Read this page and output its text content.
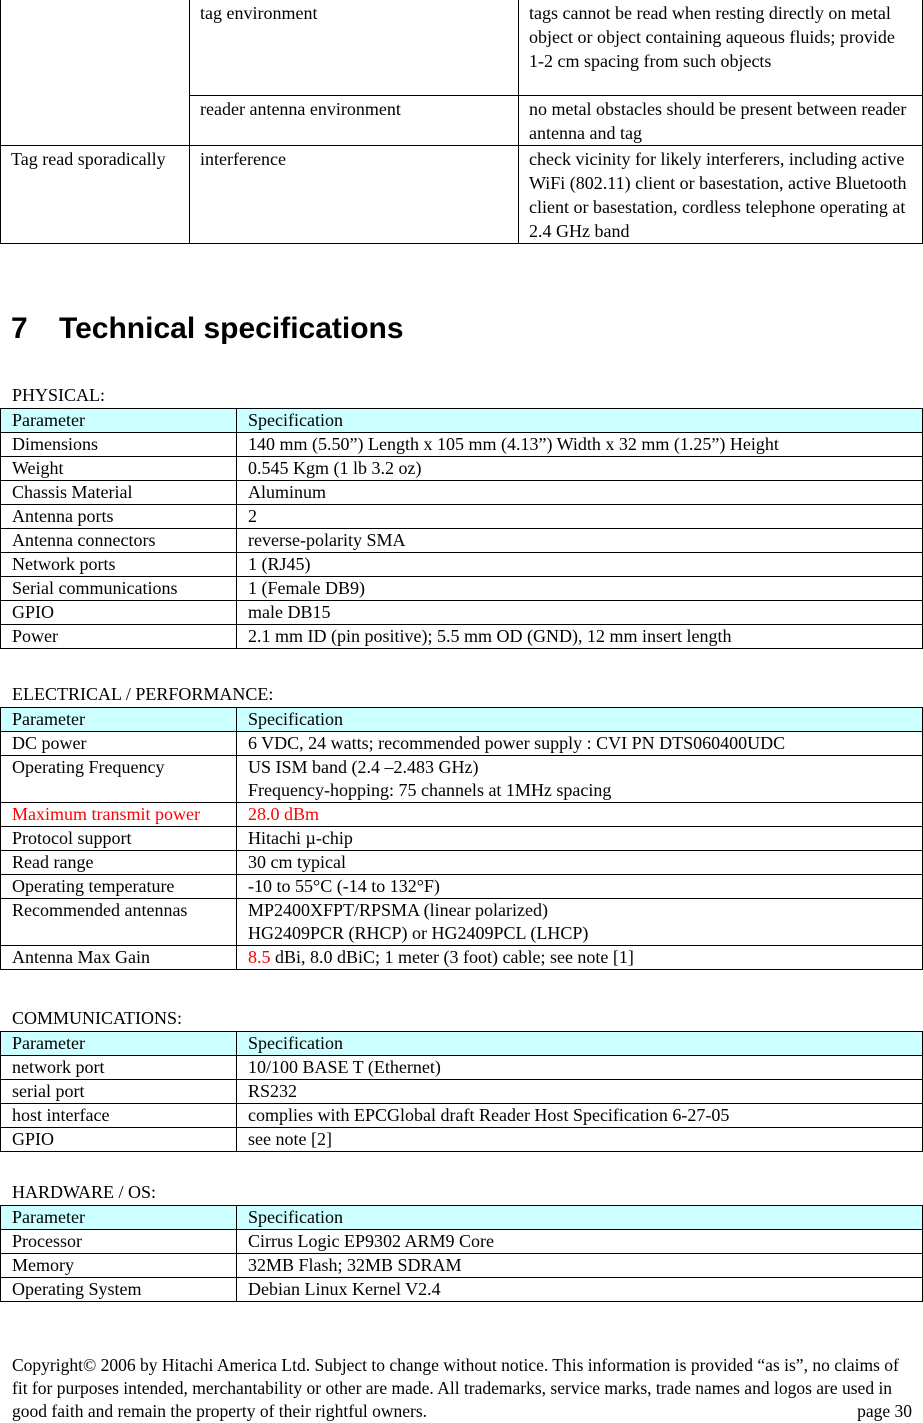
	tag environment	tags cannot be read when resting directly on metal object or object containing aqueous fluids; provide 1-2 cm spacing from such objects
	reader antenna environment	no metal obstacles should be present between reader antenna and tag
Tag read sporadically	interference	check vicinity for likely interferers, including active WiFi (802.11) client or basestation, active Bluetooth client or basestation, cordless telephone operating at 2.4 GHz band
7 Technical specifications

PHYSICAL:

Parameter	Specification
Dimensions	140 mm (5.50”) Length x 105 mm (4.13”) Width x 32 mm (1.25”) Height
Weight	0.545 Kgm (1 lb 3.2 oz)
Chassis Material	Aluminum
Antenna ports	2
Antenna connectors	reverse-polarity SMA
Network ports	1 (RJ45)
Serial communications	1 (Female DB9)
GPIO	male DB15
Power	2.1 mm ID (pin positive); 5.5 mm OD (GND), 12 mm insert length

ELECTRICAL / PERFORMANCE:

Parameter	Specification
DC power	6 VDC, 24 watts; recommended power supply : CVI PN DTS060400UDC
Operating Frequency	US ISM band (2.4 –2.483 GHz)
Frequency-hopping: 75 channels at 1MHz spacing

Maximum transmit power	28.0 dBm
Protocol support	Hitachi µ-chip
Read range	30 cm typical
Operating temperature	-10 to 55°C (-14 to 132°F)
Recommended antennas	MP2400XFPT/RPSMA (linear polarized)
HG2409PCR (RHCP) or HG2409PCL (LHCP)

Antenna Max Gain	8.5 dBi, 8.0 dBiC; 1 meter (3 foot) cable; see note [1]

COMMUNICATIONS:

Parameter	Specification
network port	10/100 BASE T (Ethernet)
serial port	RS232
host interface	complies with EPCGlobal draft Reader Host Specification 6-27-05
GPIO	see note [2]

HARDWARE / OS:

Parameter	Specification
Processor	Cirrus Logic EP9302 ARM9 Core
Memory	32MB Flash; 32MB SDRAM
Operating System	Debian Linux Kernel V2.4
Copyright© 2006 by Hitachi America Ltd. Subject to change without notice. This information is provided “as is”, no claims of fit for purposes intended, merchantability or other are made. All trademarks, service marks, trade names and logos are used in good faith and remain the property of their rightful owners.	page 30
